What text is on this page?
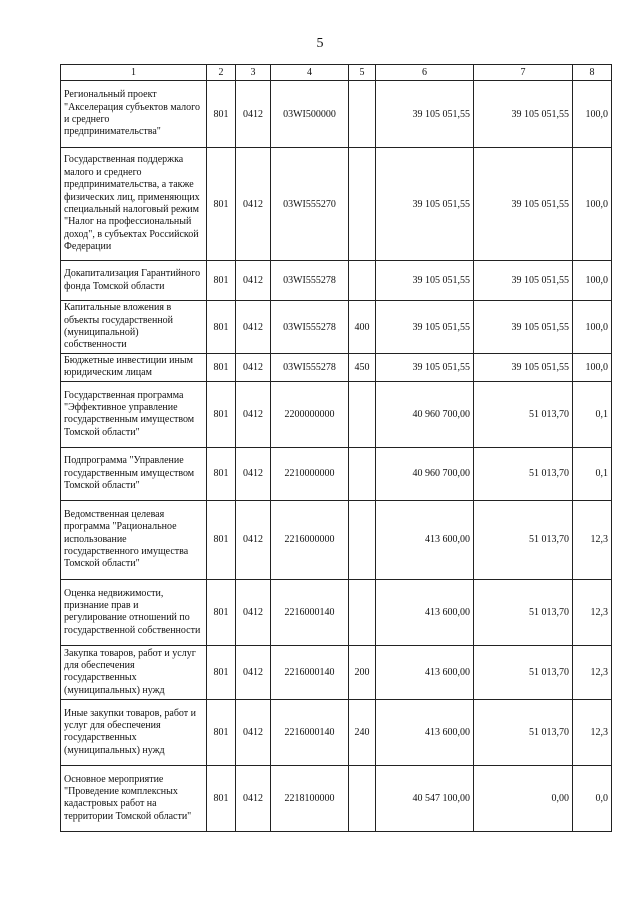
5
1	2	3	4	5	6	7	8
Региональный проект "Акселерация субъектов малого и среднего предпринимательства"	801	0412	03WI500000		39 105 051,55	39 105 051,55	100,0
Государственная поддержка малого и среднего предпринимательства, а также физических лиц, применяющих специальный налоговый режим "Налог на профессиональный доход", в субъектах Российской Федерации	801	0412	03WI555270		39 105 051,55	39 105 051,55	100,0
Докапитализация Гарантийного фонда Томской области	801	0412	03WI555278		39 105 051,55	39 105 051,55	100,0
Капитальные вложения в объекты государственной (муниципальной) собственности	801	0412	03WI555278	400	39 105 051,55	39 105 051,55	100,0
Бюджетные инвестиции иным юридическим лицам	801	0412	03WI555278	450	39 105 051,55	39 105 051,55	100,0
Государственная программа "Эффективное управление государственным имуществом Томской области"	801	0412	2200000000		40 960 700,00	51 013,70	0,1
Подпрограмма "Управление государственным имуществом Томской области"	801	0412	2210000000		40 960 700,00	51 013,70	0,1
Ведомственная целевая программа "Рациональное использование государственного имущества Томской области"	801	0412	2216000000		413 600,00	51 013,70	12,3
Оценка недвижимости, признание прав и регулирование отношений по государственной собственности	801	0412	2216000140		413 600,00	51 013,70	12,3
Закупка товаров, работ и услуг для обеспечения государственных (муниципальных) нужд	801	0412	2216000140	200	413 600,00	51 013,70	12,3
Иные закупки товаров, работ и услуг для обеспечения государственных (муниципальных) нужд	801	0412	2216000140	240	413 600,00	51 013,70	12,3
Основное мероприятие "Проведение комплексных кадастровых работ на территории Томской области"	801	0412	2218100000		40 547 100,00	0,00	0,0
